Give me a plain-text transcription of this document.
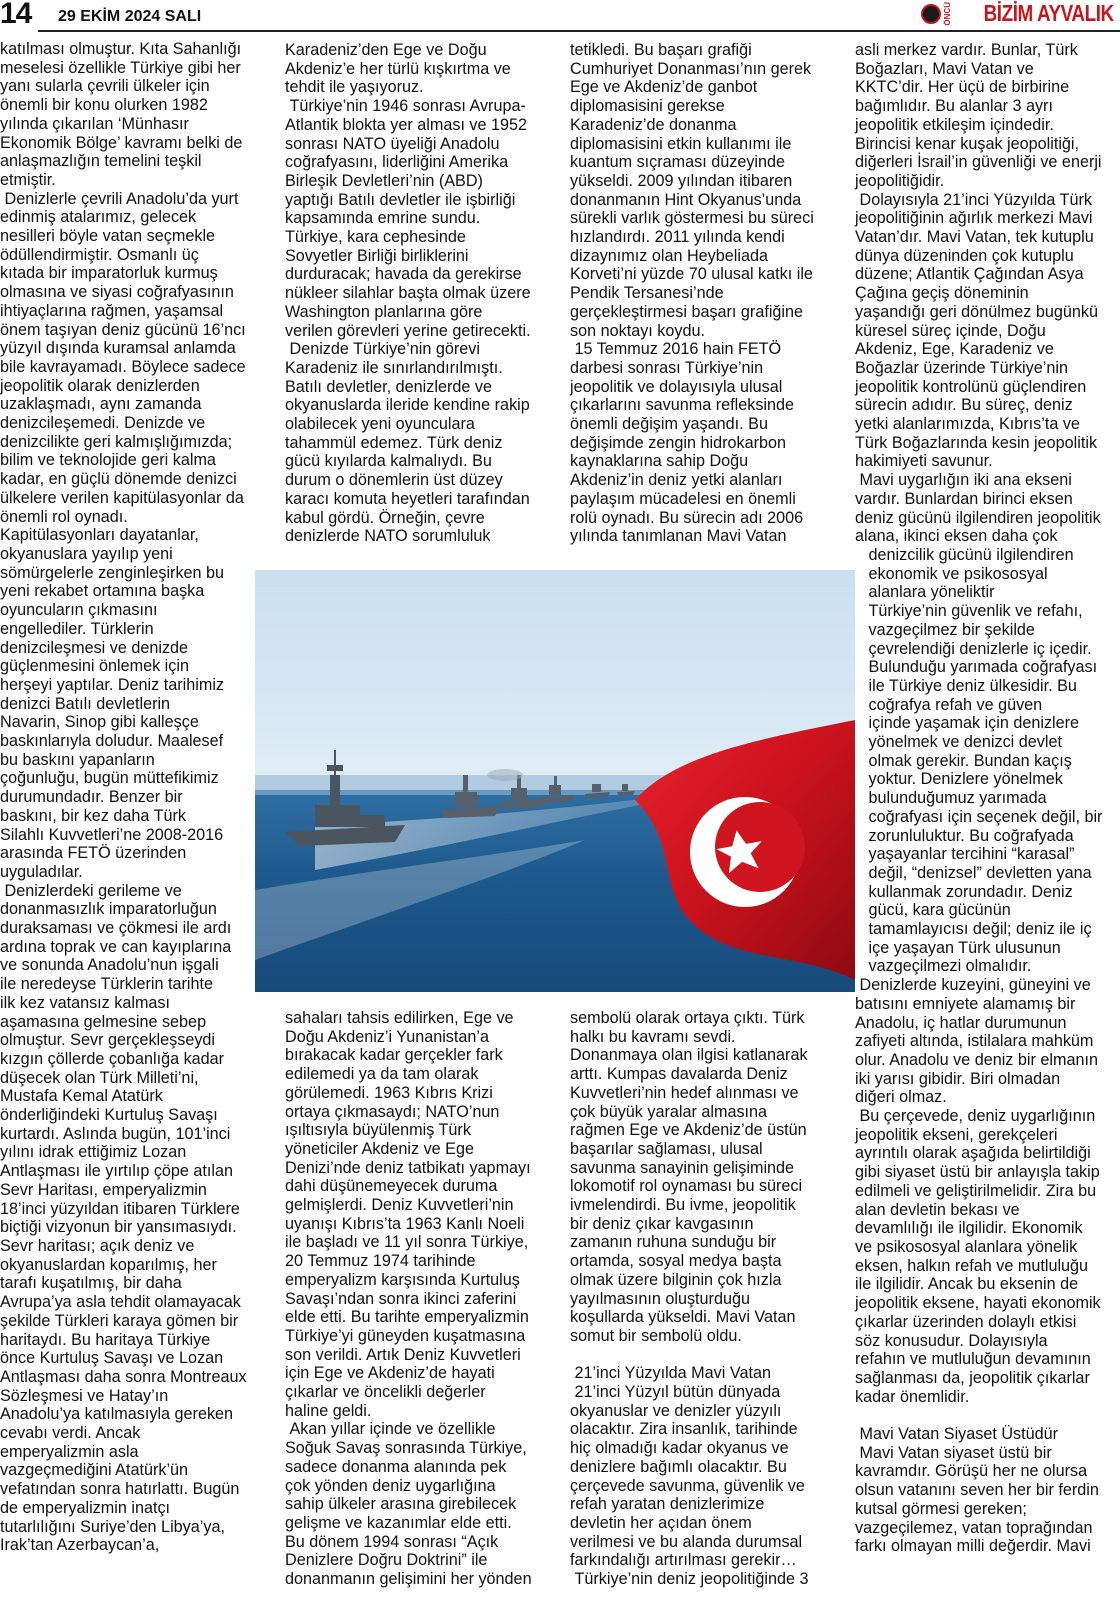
14 29 EKİM 2024 SALI	ÖNCÜ BİZİM AYVALIK
katılması olmuştur. Kıta Sahanlığı
meselesi özellikle Türkiye gibi her
yanı sularla çevrili ülkeler için
önemli bir konu olurken 1982
yılında çıkarılan ‘Münhasır
Ekonomik Bölge’ kavramı belki de
anlaşmazlığın temelini teşkil
etmiştir.
Denizlerle çevrili Anadolu’da yurt
edinmiş atalarımız, gelecek
nesilleri böyle vatan seçmekle
ödüllendirmiştir. Osmanlı üç
kıtada bir imparatorluk kurmuş
olmasına ve siyasi coğrafyasının
ihtiyaçlarına rağmen, yaşamsal
önem taşıyan deniz gücünü 16’ncı
yüzyıl dışında kuramsal anlamda
bile kavrayamadı. Böylece sadece
jeopolitik olarak denizlerden
uzaklaşmadı, aynı zamanda
denizcileşemedi. Denizde ve
denizcilikte geri kalmışlığımızda;
bilim ve teknolojide geri kalma
kadar, en güçlü dönemde denizci
ülkelere verilen kapitülasyonlar da
önemli rol oynadı.
Kapitülasyonları dayatanlar,
okyanuslara yayılıp yeni
sömürgelerle zenginleşirken bu
yeni rekabet ortamına başka
oyuncuların çıkmasını
engellediler. Türklerin
denizcileşmesi ve denizde
güçlenmesini önlemek için
herşeyi yaptılar. Deniz tarihimiz
denizci Batılı devletlerin
Navarin, Sinop gibi kalleşçe
baskınlarıyla doludur. Maalesef
bu baskını yapanların
çoğunluğu, bugün müttefikimiz
durumundadır. Benzer bir
baskını, bir kez daha Türk
Silahlı Kuvvetleri’ne 2008-2016
arasında FETÖ üzerinden
uyguladılar.
Denizlerdeki gerileme ve
donanmasızlık imparatorluğun
duraksaması ve çökmesi ile ardı
ardına toprak ve can kayıplarına
ve sonunda Anadolu’nun işgali
ile neredeyse Türklerin tarihte
ilk kez vatansız kalması
aşamasına gelmesine sebep
olmuştur. Sevr gerçekleşseydi
kızgın çöllerde çobanlığa kadar
düşecek olan Türk Milleti’ni,
Mustafa Kemal Atatürk
önderliğindeki Kurtuluş Savaşı
kurtardı. Aslında bugün, 101’inci
yılını idrak ettiğimiz Lozan
Antlaşması ile yırtılıp çöpe atılan
Sevr Haritası, emperyalizmin
18’inci yüzyıldan itibaren Türklere
biçtiği vizyonun bir yansımasıydı.
Sevr haritası; açık deniz ve
okyanuslardan koparılmış, her
tarafı kuşatılmış, bir daha
Avrupa’ya asla tehdit olamayacak
şekilde Türkleri karaya gömen bir
haritaydı. Bu haritaya Türkiye
önce Kurtuluş Savaşı ve Lozan
Antlaşması daha sonra Montreaux
Sözleşmesi ve Hatay’ın
Anadolu’ya katılmasıyla gereken
cevabı verdi. Ancak
emperyalizmin asla
vazgeçmediğini Atatürk’ün
vefatından sonra hatırlattı. Bugün
de emperyalizmin inatçı
tutarlılığını Suriye’den Libya’ya,
Irak’tan Azerbaycan’a,
Karadeniz’den Ege ve Doğu
Akdeniz’e her türlü kışkırtma ve
tehdit ile yaşıyoruz.
Türkiye’nin 1946 sonrası Avrupa-
Atlantik blokta yer alması ve 1952
sonrası NATO üyeliği Anadolu
coğrafyasını, liderliğini Amerika
Birleşik Devletleri’nin (ABD)
yaptığı Batılı devletler ile işbirliği
kapsamında emrine sundu.
Türkiye, kara cephesinde
Sovyetler Birliği birliklerini
durduracak; havada da gerekirse
nükleer silahlar başta olmak üzere
Washington planlarına göre
verilen görevleri yerine getirecekti.
Denizde Türkiye’nin görevi
Karadeniz ile sınırlandırılmıştı.
Batılı devletler, denizlerde ve
okyanuslarda ileride kendine rakip
olabilecek yeni oyunculara
tahammül edemez. Türk deniz
gücü kıyılarda kalmalıydı. Bu
durum o dönemlerin üst düzey
karacı komuta heyetleri tarafından
kabul gördü. Örneğin, çevre
denizlerde NATO sorumluluk
tetikledi. Bu başarı grafiği
Cumhuriyet Donanması’nın gerek
Ege ve Akdeniz’de ganbot
diplomasisini gerekse
Karadeniz’de donanma
diplomasisini etkin kullanımı ile
kuantum sıçraması düzeyinde
yükseldi. 2009 yılından itibaren
donanmanın Hint Okyanus’unda
sürekli varlık göstermesi bu süreci
hızlandırdı. 2011 yılında kendi
dizaynımız olan Heybeliada
Korveti’ni yüzde 70 ulusal katkı ile
Pendik Tersanesi’nde
gerçekleştirmesi başarı grafiğine
son noktayı koydu.
15 Temmuz 2016 hain FETÖ
darbesi sonrası Türkiye’nin
jeopolitik ve dolayısıyla ulusal
çıkarlarını savunma refleksinde
önemli değişim yaşandı. Bu
değişimde zengin hidrokarbon
kaynaklarına sahip Doğu
Akdeniz’in deniz yetki alanları
paylaşım mücadelesi en önemli
rolü oynadı. Bu sürecin adı 2006
yılında tanımlanan Mavi Vatan
asli merkez vardır. Bunlar, Türk
Boğazları, Mavi Vatan ve
KKTC’dir. Her üçü de birbirine
bağımlıdır. Bu alanlar 3 ayrı
jeopolitik etkileşim içindedir.
Birincisi kenar kuşak jeopolitiği,
diğerleri İsrail’in güvenliği ve enerji
jeopolitiğidir.
Dolayısıyla 21’inci Yüzyılda Türk
jeopolitiğinin ağırlık merkezi Mavi
Vatan’dır. Mavi Vatan, tek kutuplu
dünya düzeninden çok kutuplu
düzene; Atlantik Çağından Asya
Çağına geçiş döneminin
yaşandığı geri dönülmez bugünkü
küresel süreç içinde, Doğu
Akdeniz, Ege, Karadeniz ve
Boğazlar üzerinde Türkiye’nin
jeopolitik kontrolünü güçlendiren
sürecin adıdır. Bu süreç, deniz
yetki alanlarımızda, Kıbrıs’ta ve
Türk Boğazlarında kesin jeopolitik
hakimiyeti savunur.
Mavi uygarlığın iki ana ekseni
vardır. Bunlardan birinci eksen
deniz gücünü ilgilendiren jeopolitik
alana, ikinci eksen daha çok
denizcilik gücünü ilgilendiren
ekonomik ve psikososyal
alanlara yöneliktir
Türkiye’nin güvenlik ve refahı,
vazgeçilmez bir şekilde
çevrelendiği denizlerle iç içedir.
Bulunduğu yarımada coğrafyası
ile Türkiye deniz ülkesidir. Bu
coğrafya refah ve güven
içinde yaşamak için denizlere
yönelmek ve denizci devlet
olmak gerekir. Bundan kaçış
yoktur. Denizlere yönelmek
bulunduğumuz yarımada
coğrafyası için seçenek değil, bir
zorunluluktur. Bu coğrafyada
yaşayanlar tercihini “karasal”
değil, “denizsel” devletten yana
kullanmak zorundadır. Deniz
gücü, kara gücünün
tamamlayıcısı değil; deniz ile iç
içe yaşayan Türk ulusunun
vazgeçilmezi olmalıdır.
Denizlerde kuzeyini, güneyini ve
batısını emniyete alamamış bir
Anadolu, iç hatlar durumunun
zafiyeti altında, istilalara mahküm
olur. Anadolu ve deniz bir elmanın
iki yarısı gibidir. Biri olmadan
diğeri olmaz.
Bu çerçevede, deniz uygarlığının
jeopolitik ekseni, gerekçeleri
ayrıntılı olarak aşağıda belirtildiği
gibi siyaset üstü bir anlayışla takip
edilmeli ve geliştirilmelidir. Zira bu
alan devletin bekası ve
devamlılığı ile ilgilidir. Ekonomik
ve psikososyal alanlara yönelik
eksen, halkın refah ve mutluluğu
ile ilgilidir. Ancak bu eksenin de
jeopolitik eksene, hayati ekonomik
çıkarlar üzerinden dolaylı etkisi
söz konusudur. Dolayısıyla
refahın ve mutluluğun devamının
sağlanması da, jeopolitik çıkarlar
kadar önemlidir.

Mavi Vatan Siyaset Üstüdür
Mavi Vatan siyaset üstü bir
kavramdır. Görüşü her ne olursa
olsun vatanını seven her bir ferdin
kutsal görmesi gereken;
vazgeçilemez, vatan toprağından
farkı olmayan milli değerdir. Mavi
sahaları tahsis edilirken, Ege ve
Doğu Akdeniz’i Yunanistan’a
bırakacak kadar gerçekler fark
edilemedi ya da tam olarak
görülemedi. 1963 Kıbrıs Krizi
ortaya çıkmasaydı; NATO’nun
ışıltısıyla büyülenmiş Türk
yöneticiler Akdeniz ve Ege
Denizi’nde deniz tatbikatı yapmayı
dahi düşünemeyecek duruma
gelmişlerdi. Deniz Kuvvetleri’nin
uyanışı Kıbrıs’ta 1963 Kanlı Noeli
ile başladı ve 11 yıl sonra Türkiye,
20 Temmuz 1974 tarihinde
emperyalizm karşısında Kurtuluş
Savaşı’ndan sonra ikinci zaferini
elde etti. Bu tarihte emperyalizmin
Türkiye’yi güneyden kuşatmasına
son verildi. Artık Deniz Kuvvetleri
için Ege ve Akdeniz’de hayati
çıkarlar ve öncelikli değerler
haline geldi.
Akan yıllar içinde ve özellikle
Soğuk Savaş sonrasında Türkiye,
sadece donanma alanında pek
çok yönden deniz uygarlığına
sahip ülkeler arasına girebilecek
gelişme ve kazanımlar elde etti.
Bu dönem 1994 sonrası “Açık
Denizlere Doğru Doktrini” ile
donanmanın gelişimini her yönden
sembolü olarak ortaya çıktı. Türk
halkı bu kavramı sevdi.
Donanmaya olan ilgisi katlanarak
arttı. Kumpas davalarda Deniz
Kuvvetleri’nin hedef alınması ve
çok büyük yaralar almasına
rağmen Ege ve Akdeniz’de üstün
başarılar sağlaması, ulusal
savunma sanayinin gelişiminde
lokomotif rol oynaması bu süreci
ivmelendirdi. Bu ivme, jeopolitik
bir deniz çıkar kavgasının
zamanın ruhuna sunduğu bir
ortamda, sosyal medya başta
olmak üzere bilginin çok hızla
yayılmasının oluşturduğu
koşullarda yükseldi. Mavi Vatan
somut bir sembolü oldu.

21’inci Yüzyılda Mavi Vatan
21’inci Yüzyıl bütün dünyada
okyanuslar ve denizler yüzyılı
olacaktır. Zira insanlık, tarihinde
hiç olmadığı kadar okyanus ve
denizlere bağımlı olacaktır. Bu
çerçevede savunma, güvenlik ve
refah yaratan denizlerimize
devletin her açıdan önem
verilmesi ve bu alanda durumsal
farkındalığı artırılması gerekir…
Türkiye’nin deniz jeopolitiğinde 3
